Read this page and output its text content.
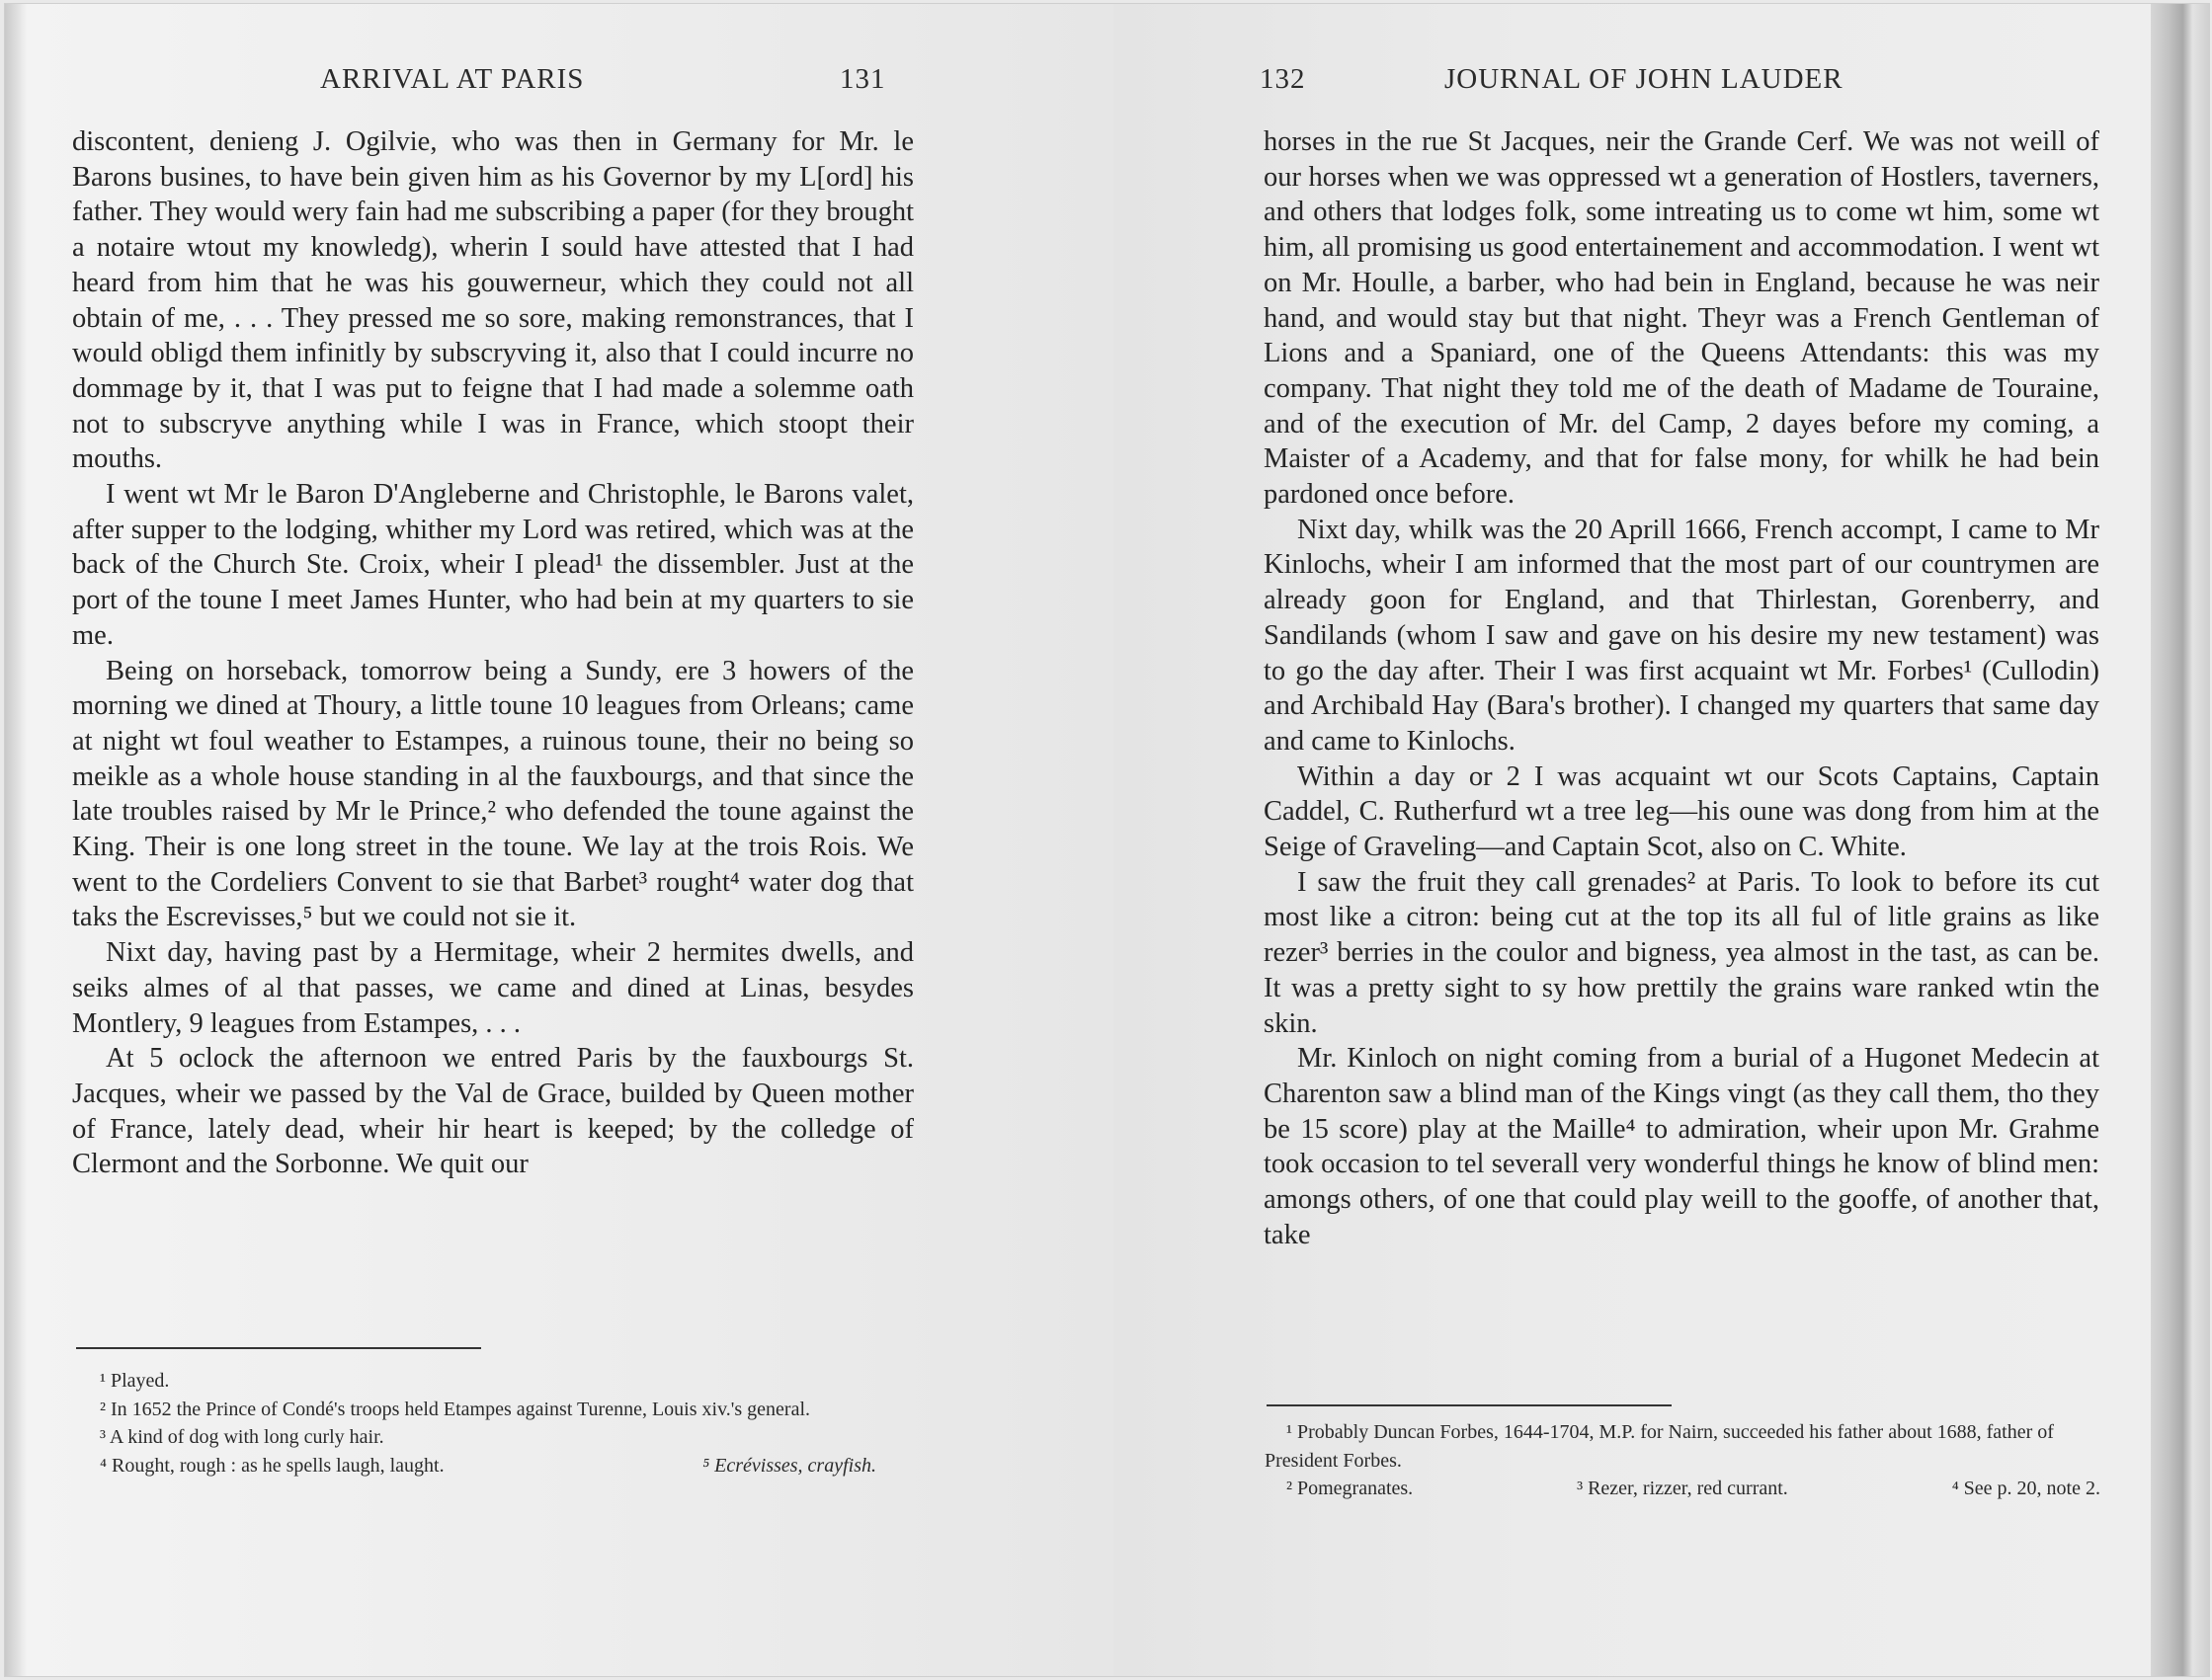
ARRIVAL AT PARIS	131

discontent, denieng J. Ogilvie, who was then in Germany for Mr. le Barons busines, to have bein given him as his Governor by my L[ord] his father. They would wery fain had me subscribing a paper (for they brought a notaire wtout my knowledg), wherin I sould have attested that I had heard from him that he was his gouwerneur, which they could not all obtain of me, . . . They pressed me so sore, making remonstrances, that I would obligd them infinitly by subscryving it, also that I could incurre no dommage by it, that I was put to feigne that I had made a solemme oath not to subscryve anything while I was in France, which stoopt their mouths.

I went wt Mr le Baron D'Angleberne and Christophle, le Barons valet, after supper to the lodging, whither my Lord was retired, which was at the back of the Church Ste. Croix, wheir I plead¹ the dissembler. Just at the port of the toune I meet James Hunter, who had bein at my quarters to sie me.

Being on horseback, tomorrow being a Sundy, ere 3 howers of the morning we dined at Thoury, a little toune 10 leagues from Orleans; came at night wt foul weather to Estampes, a ruinous toune, their no being so meikle as a whole house standing in al the fauxbourgs, and that since the late troubles raised by Mr le Prince,² who defended the toune against the King. Their is one long street in the toune. We lay at the trois Rois. We went to the Cordeliers Convent to sie that Barbet³ rought⁴ water dog that taks the Escrevisses,⁵ but we could not sie it.

Nixt day, having past by a Hermitage, wheir 2 hermites dwells, and seiks almes of al that passes, we came and dined at Linas, besydes Montlery, 9 leagues from Estampes, . . .

At 5 oclock the afternoon we entred Paris by the fauxbourgs St. Jacques, wheir we passed by the Val de Grace, builded by Queen mother of France, lately dead, wheir hir heart is keeped; by the colledge of Clermont and the Sorbonne. We quit our

¹ Played.

² In 1652 the Prince of Condé's troops held Etampes against Turenne, Louis xiv.'s general.

³ A kind of dog with long curly hair.

⁴ Rought, rough : as he spells laugh, laught.	⁵ Ecrévisses, crayfish.
132	JOURNAL OF JOHN LAUDER

horses in the rue St Jacques, neir the Grande Cerf. We was not weill of our horses when we was oppressed wt a generation of Hostlers, taverners, and others that lodges folk, some intreating us to come wt him, some wt him, all promising us good entertainement and accommodation. I went wt on Mr. Houlle, a barber, who had bein in England, because he was neir hand, and would stay but that night. Theyr was a French Gentleman of Lions and a Spaniard, one of the Queens Attendants: this was my company. That night they told me of the death of Madame de Touraine, and of the execution of Mr. del Camp, 2 dayes before my coming, a Maister of a Academy, and that for false mony, for whilk he had bein pardoned once before.

Nixt day, whilk was the 20 Aprill 1666, French accompt, I came to Mr Kinlochs, wheir I am informed that the most part of our countrymen are already goon for England, and that Thirlestan, Gorenberry, and Sandilands (whom I saw and gave on his desire my new testament) was to go the day after. Their I was first acquaint wt Mr. Forbes¹ (Cullodin) and Archibald Hay (Bara's brother). I changed my quarters that same day and came to Kinlochs.

Within a day or 2 I was acquaint wt our Scots Captains, Captain Caddel, C. Rutherfurd wt a tree leg—his oune was dong from him at the Seige of Graveling—and Captain Scot, also on C. White.

I saw the fruit they call grenades² at Paris. To look to before its cut most like a citron: being cut at the top its all ful of litle grains as like rezer³ berries in the coulor and bigness, yea almost in the tast, as can be. It was a pretty sight to sy how prettily the grains ware ranked wtin the skin.

Mr. Kinloch on night coming from a burial of a Hugonet Medecin at Charenton saw a blind man of the Kings vingt (as they call them, tho they be 15 score) play at the Maille⁴ to admiration, wheir upon Mr. Grahme took occasion to tel severall very wonderful things he know of blind men: amongs others, of one that could play weill to the gooffe, of another that, take

¹ Probably Duncan Forbes, 1644-1704, M.P. for Nairn, succeeded his father about 1688, father of President Forbes.

² Pomegranates.	³ Rezer, rizzer, red currant.	⁴ See p. 20, note 2.
